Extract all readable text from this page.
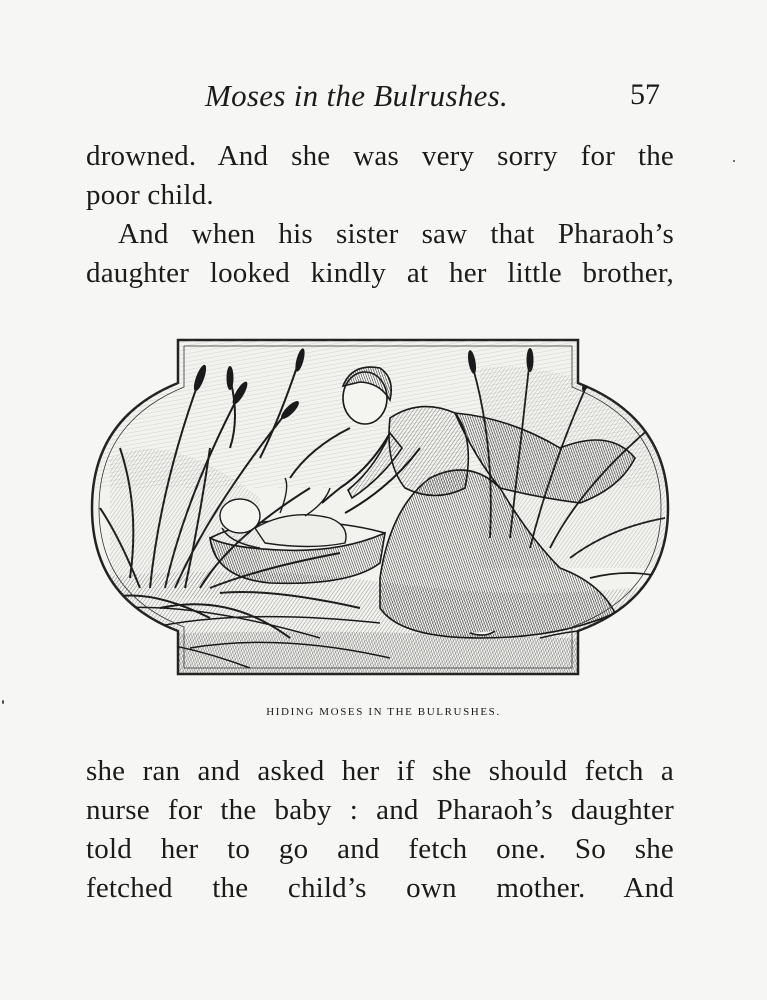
Moses in the Bulrushes.	57
drowned. And she was very sorry for the
poor child.
And when his sister saw that Pharaoh’s
daughter looked kindly at her little brother,
HIDING MOSES IN THE BULRUSHES.
she ran and asked her if she should fetch a
nurse for the baby : and Pharaoh’s daughter
told her to go and fetch one. So she
fetched the child’s own mother. And
